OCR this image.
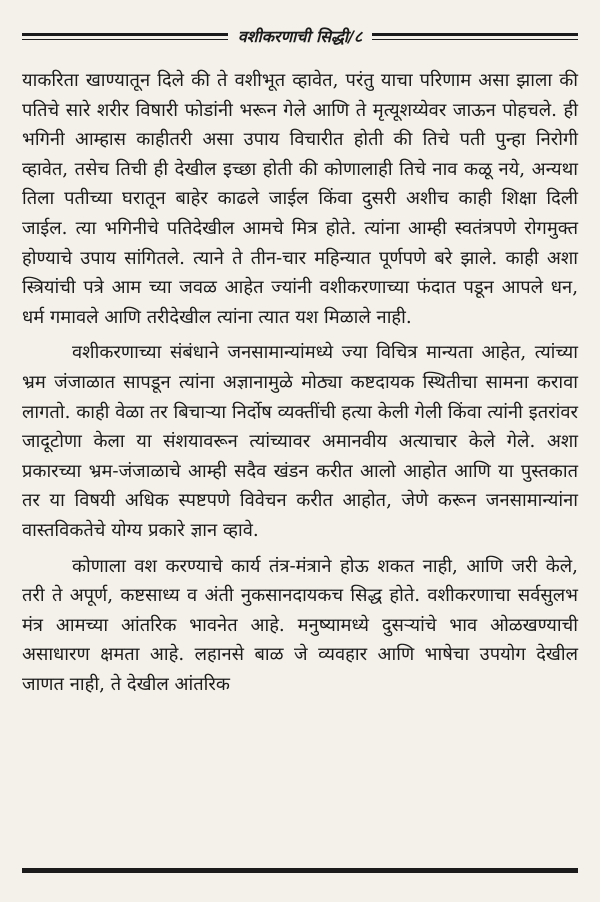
वशीकरणाची सिद्धी/८

याकरिता खाण्यातून दिले की ते वशीभूत व्हावेत, परंतु याचा परिणाम असा झाला की पतिचे सारे शरीर विषारी फोडांनी भरून गेले आणि ते मृत्यूशय्येवर जाऊन पोहचले. ही भगिनी आम्हास काहीतरी असा उपाय विचारीत होती की तिचे पती पुन्हा निरोगी व्हावेत, तसेच तिची ही देखील इच्छा होती की कोणालाही तिचे नाव कळू नये, अन्यथा तिला पतीच्या घरातून बाहेर काढले जाईल किंवा दुसरी अशीच काही शिक्षा दिली जाईल. त्या भगिनीचे पतिदेखील आमचे मित्र होते. त्यांना आम्ही स्वतंत्रपणे रोगमुक्त होण्याचे उपाय सांगितले. त्याने ते तीन-चार महिन्यात पूर्णपणे बरे झाले. काही अशा स्त्रियांची पत्रे आम च्या जवळ आहेत ज्यांनी वशीकरणाच्या फंदात पडून आपले धन, धर्म गमावले आणि तरीदेखील त्यांना त्यात यश मिळाले नाही.

वशीकरणाच्या संबंधाने जनसामान्यांमध्ये ज्या विचित्र मान्यता आहेत, त्यांच्या भ्रम जंजाळात सापडून त्यांना अज्ञानामुळे मोठ्या कष्टदायक स्थितीचा सामना करावा लागतो. काही वेळा तर बिचाऱ्या निर्दोष व्यक्तींची हत्या केली गेली किंवा त्यांनी इतरांवर जादूटोणा केला या संशयावरून त्यांच्यावर अमानवीय अत्याचार केले गेले. अशा प्रकारच्या भ्रम-जंजाळाचे आम्ही सदैव खंडन करीत आलो आहोत आणि या पुस्तकात तर या विषयी अधिक स्पष्टपणे विवेचन करीत आहोत, जेणे करून जनसामान्यांना वास्तविकतेचे योग्य प्रकारे ज्ञान व्हावे.

कोणाला वश करण्याचे कार्य तंत्र-मंत्राने होऊ शकत नाही, आणि जरी केले, तरी ते अपूर्ण, कष्टसाध्य व अंती नुकसानदायकच सिद्ध होते. वशीकरणाचा सर्वसुलभ मंत्र आमच्या आंतरिक भावनेत आहे. मनुष्यामध्ये दुसऱ्यांचे भाव ओळखण्याची असाधारण क्षमता आहे. लहानसे बाळ जे व्यवहार आणि भाषेचा उपयोग देखील जाणत नाही, ते देखील आंतरिक
